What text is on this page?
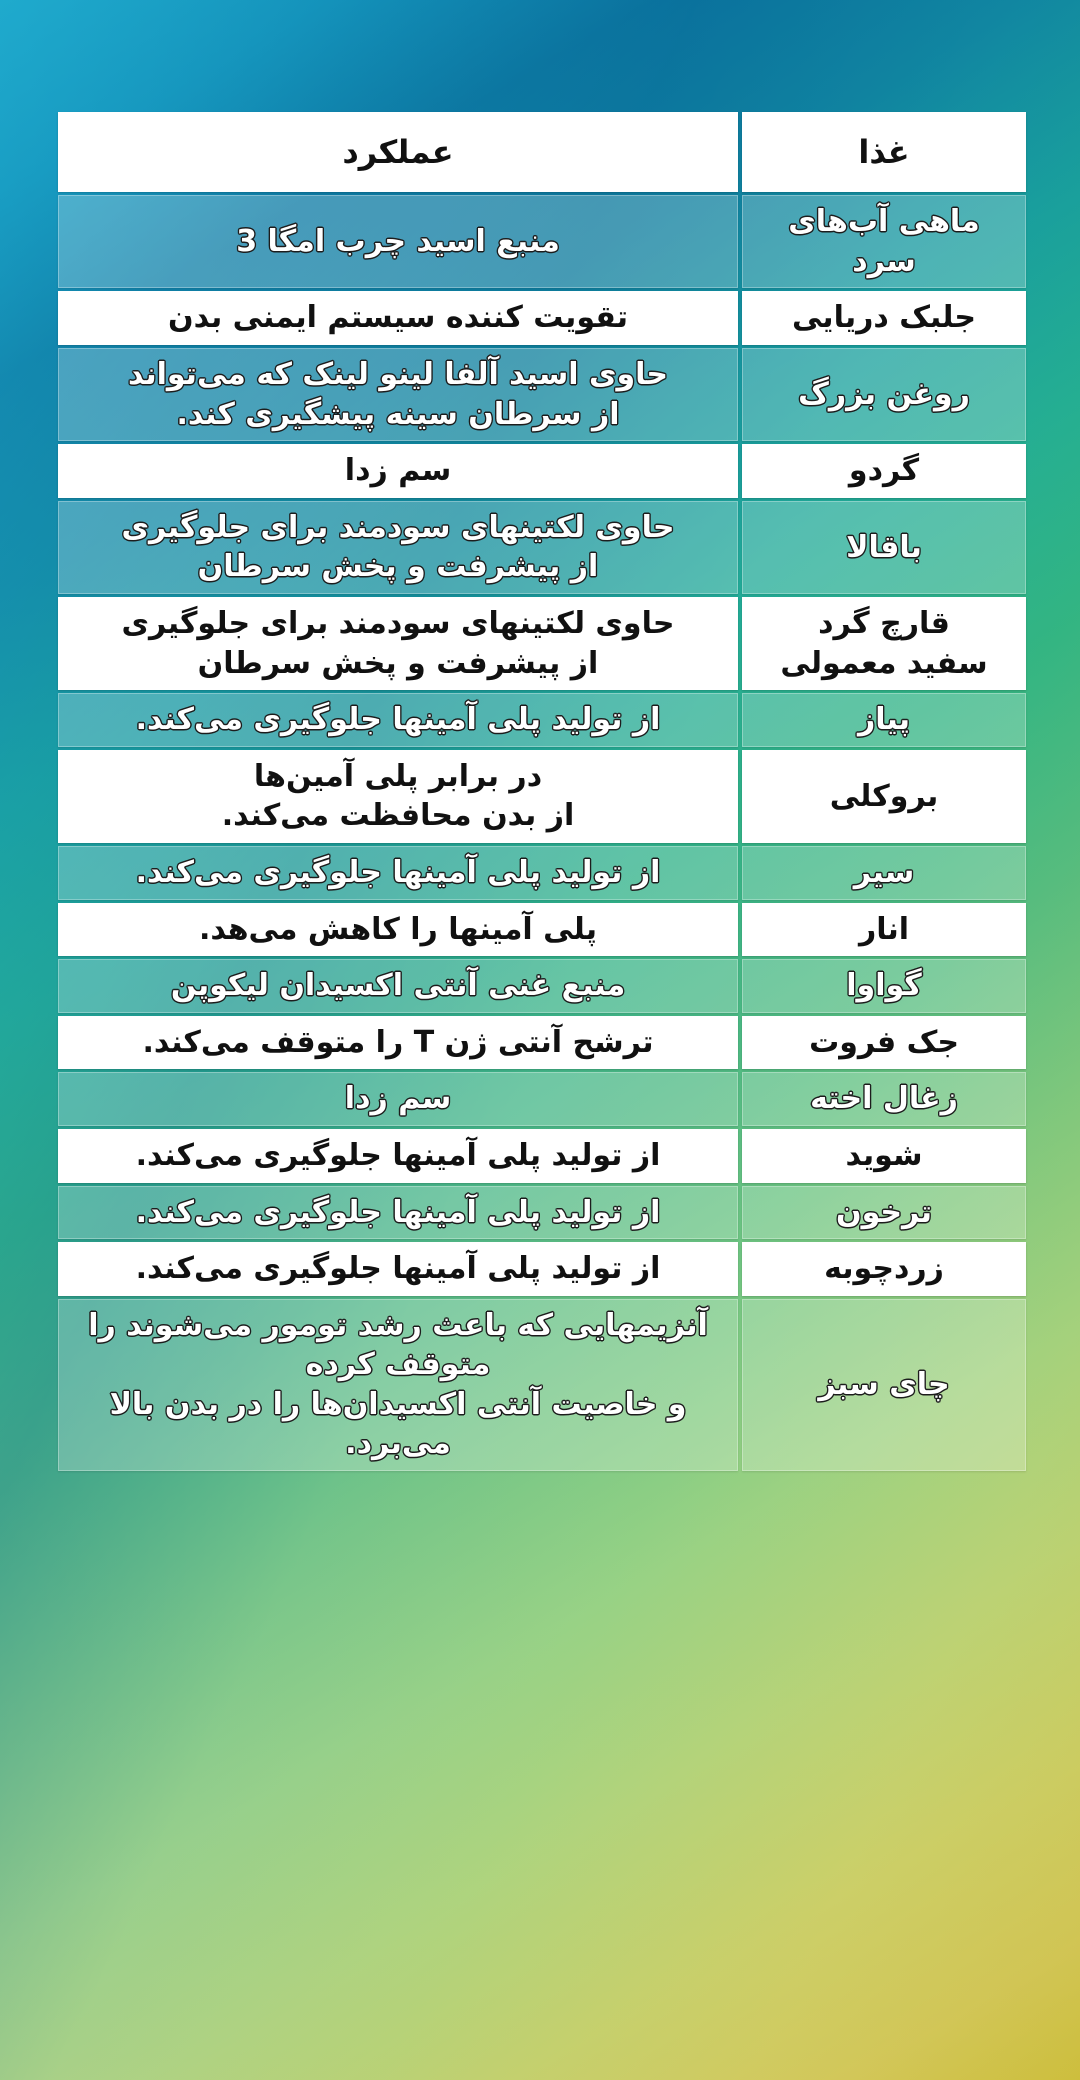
غذا
عملکرد
ماهی آب‌های سرد
منبع اسید چرب امگا 3
جلبک دریایی
تقویت کننده سیستم ایمنی بدن
روغن بزرگ
حاوی اسید آلفا لینو لینک که می‌تواند
از سرطان سینه پیشگیری کند.
گردو
سم زدا
باقالا
حاوی لکتینهای سودمند برای جلوگیری
از پیشرفت و پخش سرطان
قارچ گرد
سفید معمولی
حاوی لکتینهای سودمند برای جلوگیری
از پیشرفت و پخش سرطان
پیاز
از تولید پلی آمینها جلوگیری می‌کند.
بروکلی
در برابر پلی آمین‌ها
از بدن محافظت می‌کند.
سیر
از تولید پلی آمینها جلوگیری می‌کند.
انار
پلی آمینها را کاهش می‌هد.
گواوا
منبع غنی آنتی اکسیدان لیکوپن
جک فروت
ترشح آنتی ژن T را متوقف می‌کند.
زغال اخته
سم زدا
شوید
از تولید پلی آمینها جلوگیری می‌کند.
ترخون
از تولید پلی آمینها جلوگیری می‌کند.
زردچوبه
از تولید پلی آمینها جلوگیری می‌کند.
چای سبز
آنزیمهایی که باعث رشد تومور می‌شوند را متوقف کرده
و خاصیت آنتی اکسیدان‌ها را در بدن بالا می‌برد.
